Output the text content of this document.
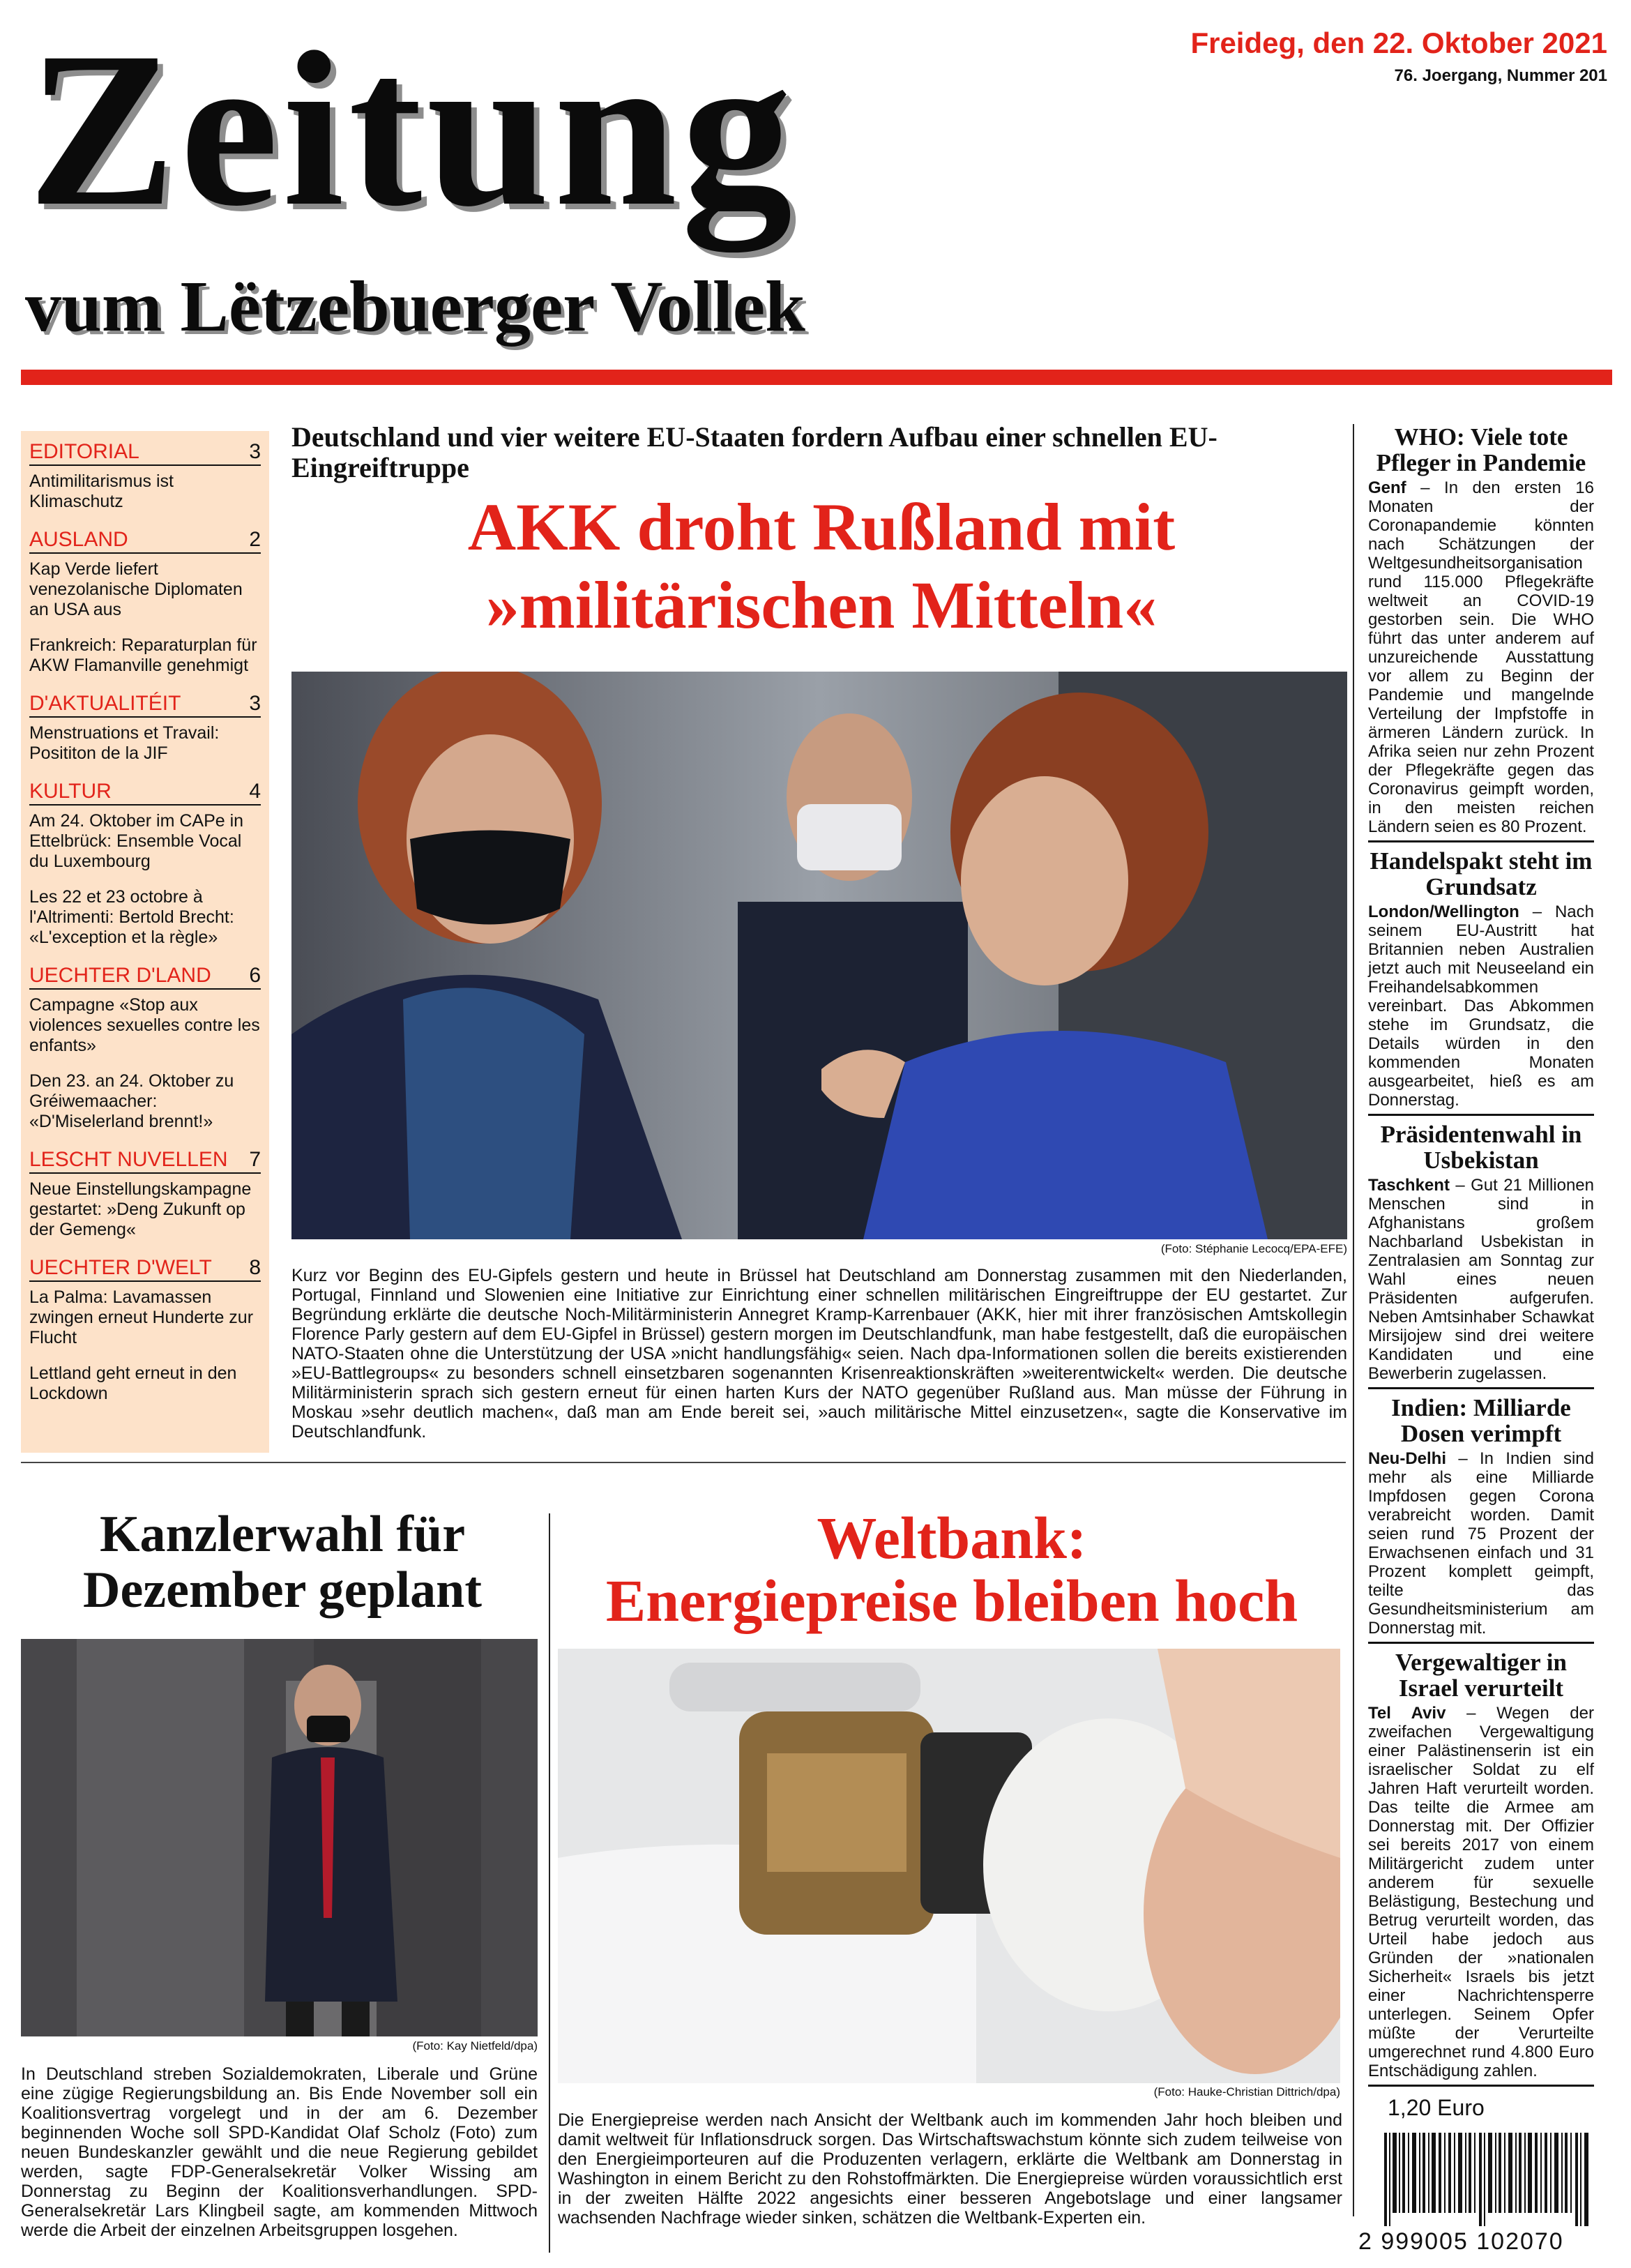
Zeitung
vum Lëtzebuerger Vollek
Freideg, den 22. Oktober 2021
76. Joergang, Nummer 201
EDITORIAL	3
Antimilitarismus ist Klimaschutz
AUSLAND	2
Kap Verde liefert venezolanische Diplomaten an USA aus
Frankreich: Reparaturplan für AKW Flamanville genehmigt
D'AKTUALITÉIT	3
Menstruations et Travail: Posititon de la JIF
KULTUR	4
Am 24. Oktober im CAPe in Ettelbrück: Ensemble Vocal du Luxembourg
Les 22 et 23 octobre à l'Altrimenti: Bertold Brecht: «L'exception et la règle»
UECHTER D'LAND 6
Campagne «Stop aux violences sexuelles contre les enfants»
Den 23. an 24. Oktober zu Gréiwemaacher: «D'Miselerland brennt!»
LESCHT NUVELLEN 7
Neue Einstellungskampagne gestartet: »Deng Zukunft op der Gemeng«
UECHTER D'WELT 8
La Palma: Lavamassen zwingen erneut Hunderte zur Flucht
Lettland geht erneut in den Lockdown
Deutschland und vier weitere EU-Staaten fordern Aufbau einer schnellen EU-Eingreiftruppe
AKK droht Rußland mit
»militärischen Mitteln«
(Foto: Stéphanie Lecocq/EPA-EFE)
Kurz vor Beginn des EU-Gipfels gestern und heute in Brüssel hat Deutschland am Donnerstag zusammen mit den Niederlanden, Portugal, Finnland und Slowenien eine Initiative zur Einrichtung einer schnellen militärischen Eingreiftruppe der EU gestartet. Zur Begründung erklärte die deutsche Noch-Militärministerin Annegret Kramp-Karrenbauer (AKK, hier mit ihrer französischen Amtskollegin Florence Parly gestern auf dem EU-Gipfel in Brüssel) gestern morgen im Deutschlandfunk, man habe festgestellt, daß die europäischen NATO-Staaten ohne die Unterstützung der USA »nicht handlungsfähig« seien. Nach dpa-Informationen sollen die bereits existierenden »EU-Battlegroups« zu besonders schnell einsetzbaren sogenannten Krisenreaktionskräften »weiterentwickelt« werden. Die deutsche Militärministerin sprach sich gestern erneut für einen harten Kurs der NATO gegenüber Rußland aus. Man müsse der Führung in Moskau »sehr deutlich machen«, daß man am Ende bereit sei, »auch militärische Mittel einzusetzen«, sagte die Konservative im Deutschlandfunk.
Kanzlerwahl für
Dezember geplant
(Foto: Kay Nietfeld/dpa)
In Deutschland streben Sozialdemokraten, Liberale und Grüne eine zügige Regierungsbildung an. Bis Ende November soll ein Koalitionsvertrag vorgelegt und in der am 6. Dezember beginnenden Woche soll SPD-Kandidat Olaf Scholz (Foto) zum neuen Bundeskanzler gewählt und die neue Regierung gebildet werden, sagte FDP-Generalsekretär Volker Wissing am Donnerstag zu Beginn der Koalitionsverhandlungen. SPD-Generalsekretär Lars Klingbeil sagte, am kommenden Mittwoch werde die Arbeit der einzelnen Arbeitsgruppen losgehen.
Weltbank:
Energiepreise bleiben hoch
(Foto: Hauke-Christian Dittrich/dpa)
Die Energiepreise werden nach Ansicht der Weltbank auch im kommenden Jahr hoch bleiben und damit weltweit für Inflationsdruck sorgen. Das Wirtschaftswachstum könnte sich zudem teilweise von den Energieimporteuren auf die Produzenten verlagern, erklärte die Weltbank am Donnerstag in Washington in einem Bericht zu den Rohstoffmärkten. Die Energiepreise würden voraussichtlich erst in der zweiten Hälfte 2022 angesichts einer besseren Angebotslage und einer langsamer wachsenden Nachfrage wieder sinken, schätzen die Weltbank-Experten ein.
WHO: Viele tote Pfleger in Pandemie
Genf – In den ersten 16 Monaten der Coronapandemie könnten nach Schätzungen der Weltgesundheitsorganisation rund 115.000 Pflegekräfte weltweit an COVID-19 gestorben sein. Die WHO führt das unter anderem auf unzureichende Ausstattung vor allem zu Beginn der Pandemie und mangelnde Verteilung der Impfstoffe in ärmeren Ländern zurück. In Afrika seien nur zehn Prozent der Pflegekräfte gegen das Coronavirus geimpft worden, in den meisten reichen Ländern seien es 80 Prozent.
Handelspakt steht im Grundsatz
London/Wellington – Nach seinem EU-Austritt hat Britannien neben Australien jetzt auch mit Neuseeland ein Freihandelsabkommen vereinbart. Das Abkommen stehe im Grundsatz, die Details würden in den kommenden Monaten ausgearbeitet, hieß es am Donnerstag.
Präsidentenwahl in Usbekistan
Taschkent – Gut 21 Millionen Menschen sind in Afghanistans großem Nachbarland Usbekistan in Zentralasien am Sonntag zur Wahl eines neuen Präsidenten aufgerufen. Neben Amtsinhaber Schawkat Mirsijojew sind drei weitere Kandidaten und eine Bewerberin zugelassen.
Indien: Milliarde Dosen verimpft
Neu-Delhi – In Indien sind mehr als eine Milliarde Impfdosen gegen Corona verabreicht worden. Damit seien rund 75 Prozent der Erwachsenen einfach und 31 Prozent komplett geimpft, teilte das Gesundheitsministerium am Donnerstag mit.
Vergewaltiger in Israel verurteilt
Tel Aviv – Wegen der zweifachen Vergewaltigung einer Palästinenserin ist ein israelischer Soldat zu elf Jahren Haft verurteilt worden. Das teilte die Armee am Donnerstag mit. Der Offizier sei bereits 2017 von einem Militärgericht zudem unter anderem für sexuelle Belästigung, Bestechung und Betrug verurteilt worden, das Urteil habe jedoch aus Gründen der »nationalen Sicherheit« Israels bis jetzt einer Nachrichtensperre unterlegen. Seinem Opfer müßte der Verurteilte umgerechnet rund 4.800 Euro Entschädigung zahlen.
1,20 Euro
2 999005 102070
